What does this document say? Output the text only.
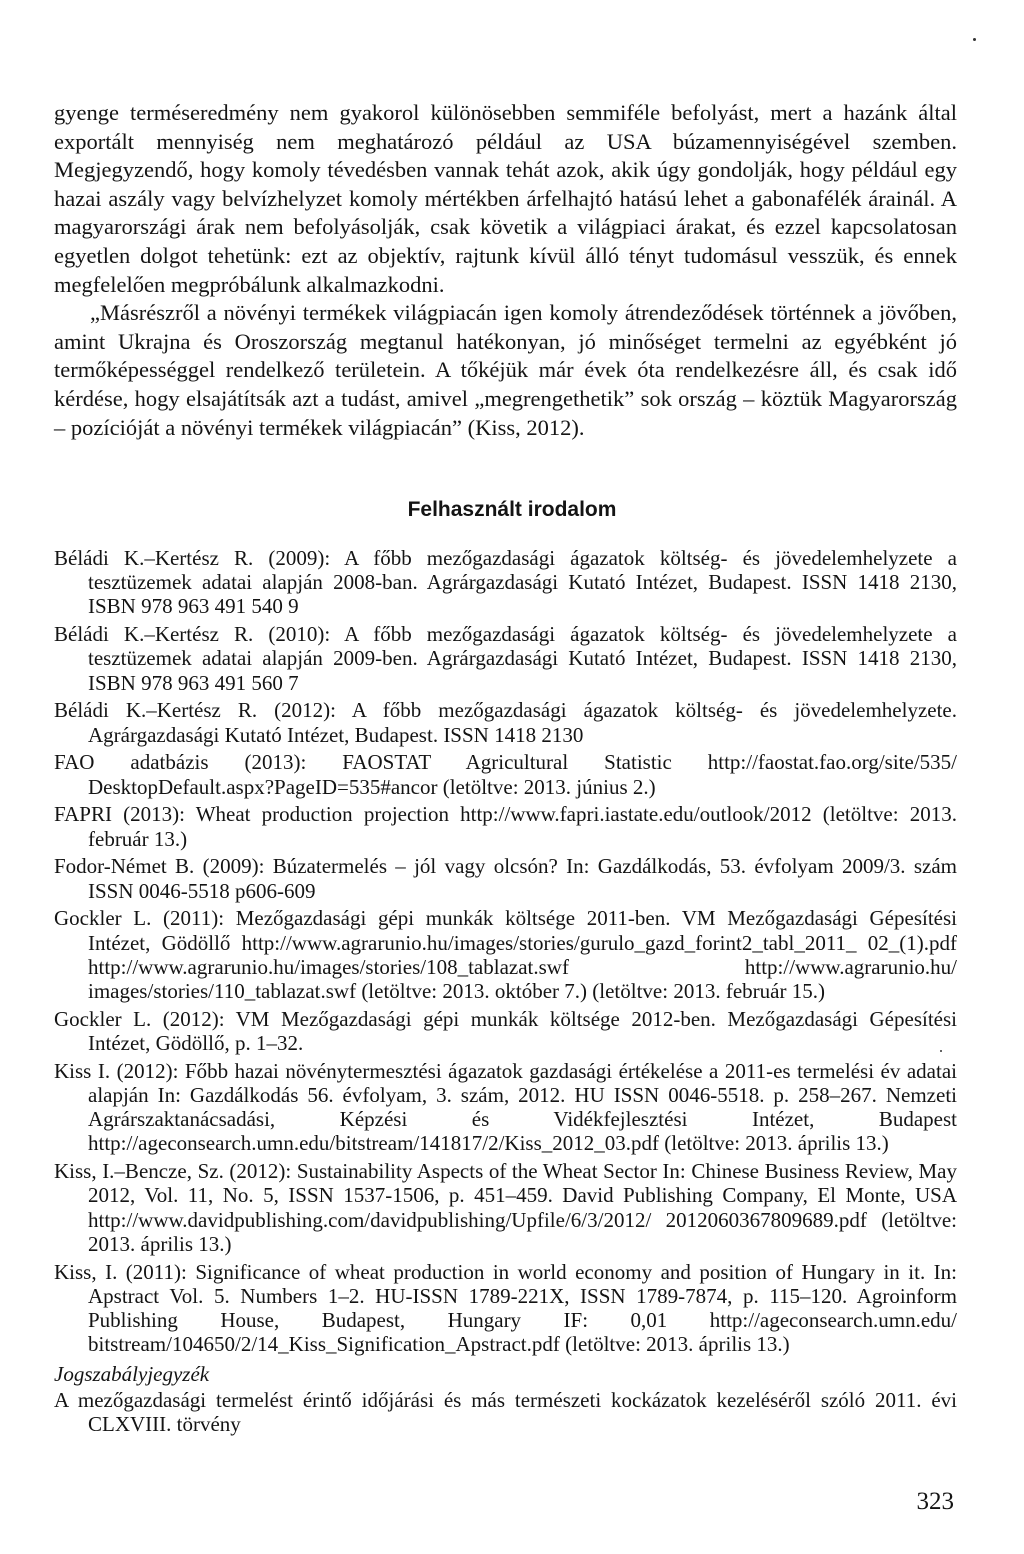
gyenge terméseredmény nem gyakorol különösebben semmiféle befolyást, mert a hazánk által exportált mennyiség nem meghatározó például az USA búzamennyiségével szemben. Megjegyzendő, hogy komoly tévedésben vannak tehát azok, akik úgy gondolják, hogy például egy hazai aszály vagy belvízhelyzet komoly mértékben árfelhajtó hatású lehet a gabonafélék árainál. A magyarországi árak nem befolyásolják, csak követik a világpiaci árakat, és ezzel kapcsolatosan egyetlen dolgot tehetünk: ezt az objektív, rajtunk kívül álló tényt tudomásul vesszük, és ennek megfelelően megpróbálunk alkalmazkodni.

„Másrészről a növényi termékek világpiacán igen komoly átrendeződések történnek a jövőben, amint Ukrajna és Oroszország megtanul hatékonyan, jó minőséget termelni az egyébként jó termőképességgel rendelkező területein. A tőkéjük már évek óta rendelkezésre áll, és csak idő kérdése, hogy elsajátítsák azt a tudást, amivel „megrengethetik” sok ország – köztük Magyarország – pozícióját a növényi termékek világpiacán” (Kiss, 2012).

Felhasznált irodalom

Béládi K.–Kertész R. (2009): A főbb mezőgazdasági ágazatok költség- és jövedelemhelyzete a tesztüzemek adatai alapján 2008-ban. Agrárgazdasági Kutató Intézet, Budapest. ISSN 1418 2130, ISBN 978 963 491 540 9

Béládi K.–Kertész R. (2010): A főbb mezőgazdasági ágazatok költség- és jövedelemhelyzete a tesztüzemek adatai alapján 2009-ben. Agrárgazdasági Kutató Intézet, Budapest. ISSN 1418 2130, ISBN 978 963 491 560 7

Béládi K.–Kertész R. (2012): A főbb mezőgazdasági ágazatok költség- és jövedelemhelyzete. Agrárgazdasági Kutató Intézet, Budapest. ISSN 1418 2130

FAO adatbázis (2013): FAOSTAT Agricultural Statistic http://faostat.fao.org/site/535/ DesktopDefault.aspx?PageID=535#ancor (letöltve: 2013. június 2.)

FAPRI (2013): Wheat production projection http://www.fapri.iastate.edu/outlook/2012 (letöltve: 2013. február 13.)

Fodor-Német B. (2009): Búzatermelés – jól vagy olcsón? In: Gazdálkodás, 53. évfolyam 2009/3. szám ISSN 0046-5518 p606-609

Gockler L. (2011): Mezőgazdasági gépi munkák költsége 2011-ben. VM Mezőgazdasági Gépesítési Intézet, Gödöllő http://www.agrarunio.hu/images/stories/gurulo_gazd_forint2_tabl_2011_ 02_(1).pdf http://www.agrarunio.hu/images/stories/108_tablazat.swf http://www.agrarunio.hu/ images/stories/110_tablazat.swf (letöltve: 2013. október 7.) (letöltve: 2013. február 15.)

Gockler L. (2012): VM Mezőgazdasági gépi munkák költsége 2012-ben. Mezőgazdasági Gépesítési Intézet, Gödöllő, p. 1–32.

Kiss I. (2012): Főbb hazai növénytermesztési ágazatok gazdasági értékelése a 2011-es termelési év adatai alapján In: Gazdálkodás 56. évfolyam, 3. szám, 2012. HU ISSN 0046-5518. p. 258–267. Nemzeti Agrárszaktanácsadási, Képzési és Vidékfejlesztési Intézet, Budapest http://ageconsearch.umn.edu/bitstream/141817/2/Kiss_2012_03.pdf (letöltve: 2013. április 13.)

Kiss, I.–Bencze, Sz. (2012): Sustainability Aspects of the Wheat Sector In: Chinese Business Review, May 2012, Vol. 11, No. 5, ISSN 1537-1506, p. 451–459. David Publishing Company, El Monte, USA http://www.davidpublishing.com/davidpublishing/Upfile/6/3/2012/ 2012060367809689.pdf (letöltve: 2013. április 13.)

Kiss, I. (2011): Significance of wheat production in world economy and position of Hungary in it. In: Apstract Vol. 5. Numbers 1–2. HU-ISSN 1789-221X, ISSN 1789-7874, p. 115–120. Agroinform Publishing House, Budapest, Hungary IF: 0,01 http://ageconsearch.umn.edu/ bitstream/104650/2/14_Kiss_Signification_Apstract.pdf (letöltve: 2013. április 13.)

Jogszabályjegyzék

A mezőgazdasági termelést érintő időjárási és más természeti kockázatok kezeléséről szóló 2011. évi CLXVIII. törvény

323
